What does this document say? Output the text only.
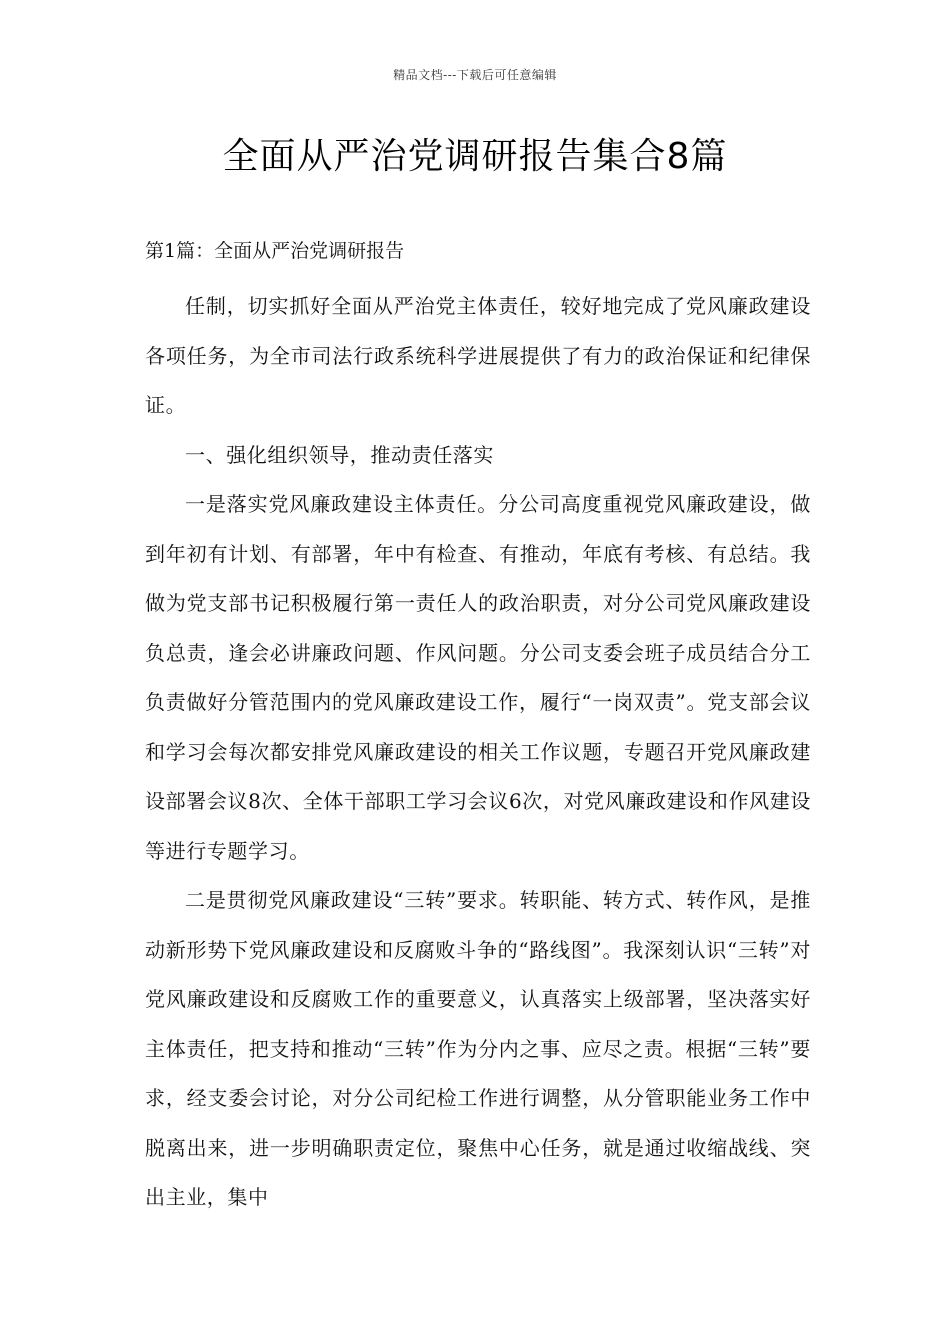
精品文档---下载后可任意编辑
全面从严治党调研报告集合8篇
第1篇：全面从严治党调研报告

任制，切实抓好全面从严治党主体责任，较好地完成了党风廉政建设各项任务，为全市司法行政系统科学进展提供了有力的政治保证和纪律保证。

一、强化组织领导，推动责任落实

一是落实党风廉政建设主体责任。分公司高度重视党风廉政建设，做到年初有计划、有部署，年中有检查、有推动，年底有考核、有总结。我做为党支部书记积极履行第一责任人的政治职责，对分公司党风廉政建设负总责，逢会必讲廉政问题、作风问题。分公司支委会班子成员结合分工负责做好分管范围内的党风廉政建设工作，履行“一岗双责”。党支部会议和学习会每次都安排党风廉政建设的相关工作议题，专题召开党风廉政建设部署会议8次、全体干部职工学习会议6次，对党风廉政建设和作风建设等进行专题学习。

二是贯彻党风廉政建设“三转”要求。转职能、转方式、转作风，是推动新形势下党风廉政建设和反腐败斗争的“路线图”。我深刻认识“三转”对党风廉政建设和反腐败工作的重要意义，认真落实上级部署，坚决落实好主体责任，把支持和推动“三转”作为分内之事、应尽之责。根据“三转”要求，经支委会讨论，对分公司纪检工作进行调整，从分管职能业务工作中脱离出来，进一步明确职责定位，聚焦中心任务，就是通过收缩战线、突出主业，集中
